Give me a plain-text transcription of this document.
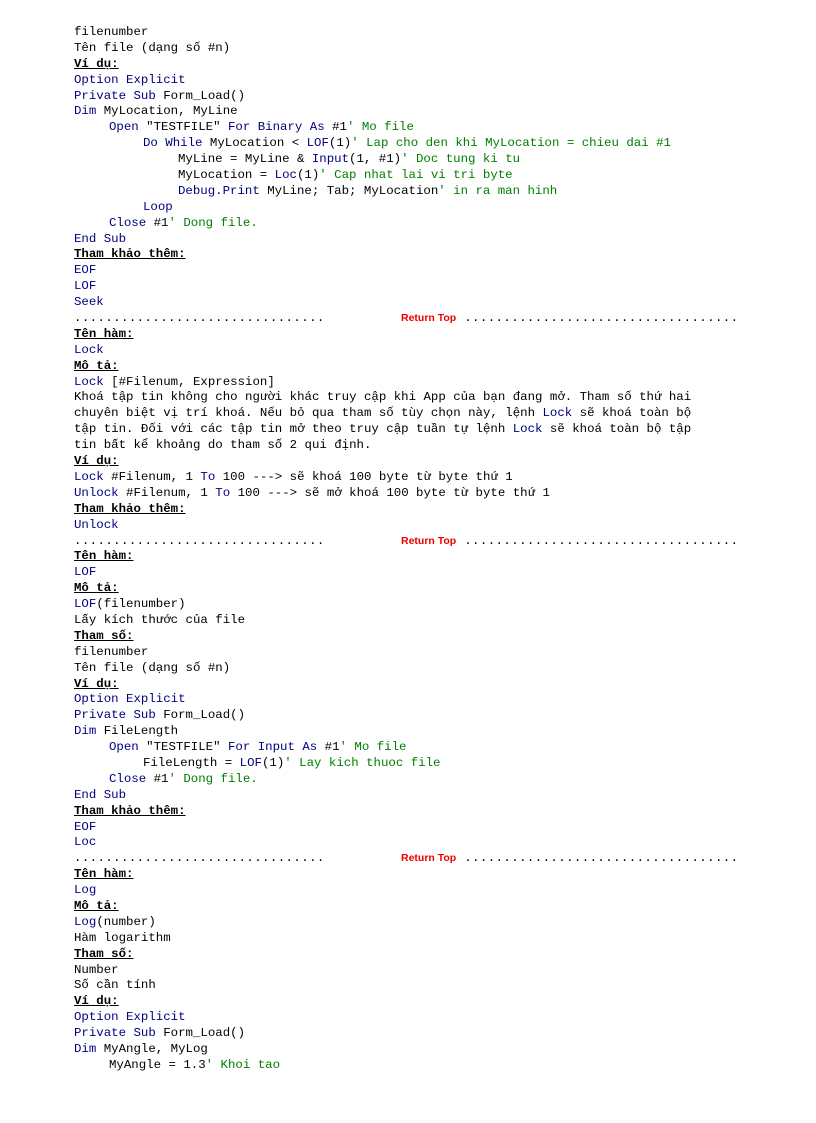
filenumber
Tên file (dạng số #n)
Ví dụ:
Option Explicit
Private Sub Form_Load()
Dim MyLocation, MyLine
Open "TESTFILE" For Binary As #1' Mo file
Do While MyLocation < LOF(1)' Lap cho den khi MyLocation = chieu dai #1
MyLine = MyLine & Input(1, #1)' Doc tung ki tu
MyLocation = Loc(1)' Cap nhat lai vi tri byte
Debug.Print MyLine; Tab; MyLocation' in ra man hinh
Loop
Close #1' Dong file.
End Sub
Tham khảo thêm:
EOF
LOF
Seek
................................	Return Top ...................................
Tên hàm:
Lock
Mô tả:
Lock [#Filenum, Expression]
Khoá tập tin không cho người khác truy cập khi App của bạn đang mở. Tham số thứ hai
chuyên biệt vị trí khoá. Nếu bỏ qua tham số tùy chọn này, lệnh Lock sẽ khoá toàn bộ
tập tin. Đối với các tập tin mở theo truy cập tuần tự lệnh Lock sẽ khoá toàn bộ tập
tin bất kể khoảng do tham số 2 qui định.
Ví dụ:
Lock #Filenum, 1 To 100 ---> sẽ khoá 100 byte từ byte thứ 1
Unlock #Filenum, 1 To 100 ---> sẽ mở khoá 100 byte từ byte thứ 1
Tham khảo thêm:
Unlock
................................	Return Top ...................................
Tên hàm:
LOF
Mô tả:
LOF(filenumber)
Lấy kích thước của file
Tham số:
filenumber
Tên file (dạng số #n)
Ví dụ:
Option Explicit
Private Sub Form_Load()
Dim FileLength
Open "TESTFILE" For Input As #1' Mo file
FileLength = LOF(1)' Lay kich thuoc file
Close #1' Dong file.
End Sub
Tham khảo thêm:
EOF
Loc
................................	Return Top ...................................
Tên hàm:
Log
Mô tả:
Log(number)
Hàm logarithm
Tham số:
Number
Số cần tính
Ví dụ:
Option Explicit
Private Sub Form_Load()
Dim MyAngle, MyLog
MyAngle = 1.3' Khoi tao
